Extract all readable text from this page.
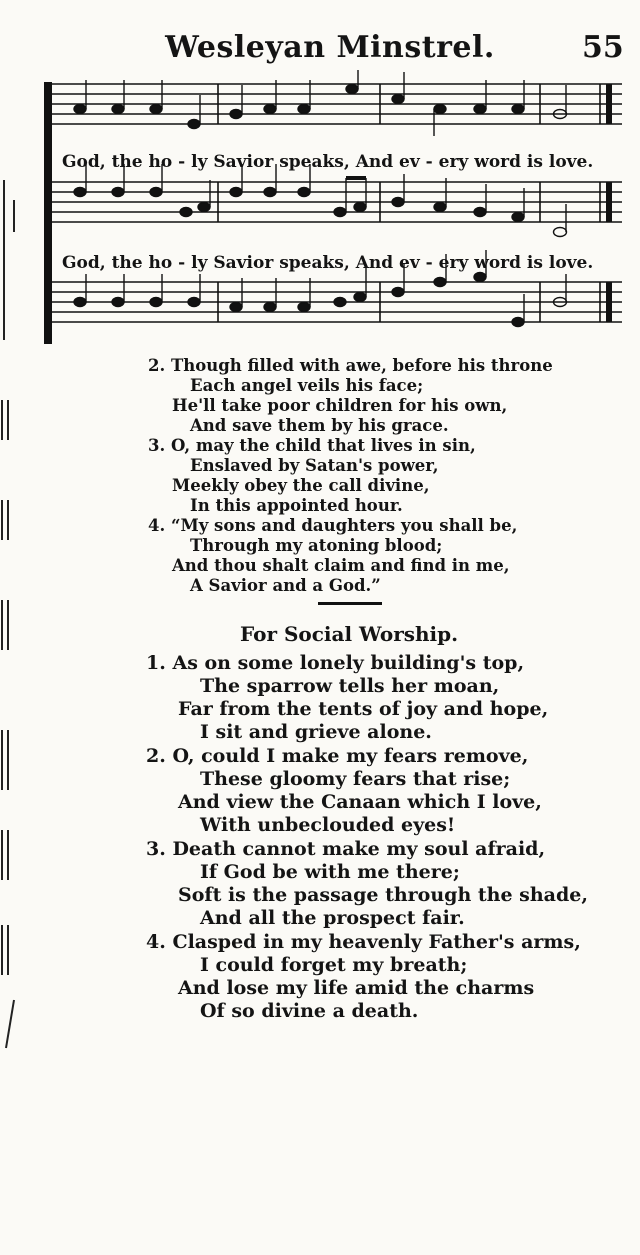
Wesleyan Minstrel.	55
God, the ho - ly Savior speaks, And ev - ery word is love.
God, the ho - ly Savior speaks, And ev - ery word is love.
2. Though filled with awe, before his throne
Each angel veils his face;
He'll take poor children for his own,
And save them by his grace.
3. O, may the child that lives in sin,
Enslaved by Satan's power,
Meekly obey the call divine,
In this appointed hour.
4. “My sons and daughters you shall be,
Through my atoning blood;
And thou shalt claim and find in me,
A Savior and a God.”
For Social Worship.
1. As on some lonely building's top,
The sparrow tells her moan,
Far from the tents of joy and hope,
I sit and grieve alone.
2. O, could I make my fears remove,
These gloomy fears that rise;
And view the Canaan which I love,
With unbeclouded eyes!
3. Death cannot make my soul afraid,
If God be with me there;
Soft is the passage through the shade,
And all the prospect fair.
4. Clasped in my heavenly Father's arms,
I could forget my breath;
And lose my life amid the charms
Of so divine a death.
